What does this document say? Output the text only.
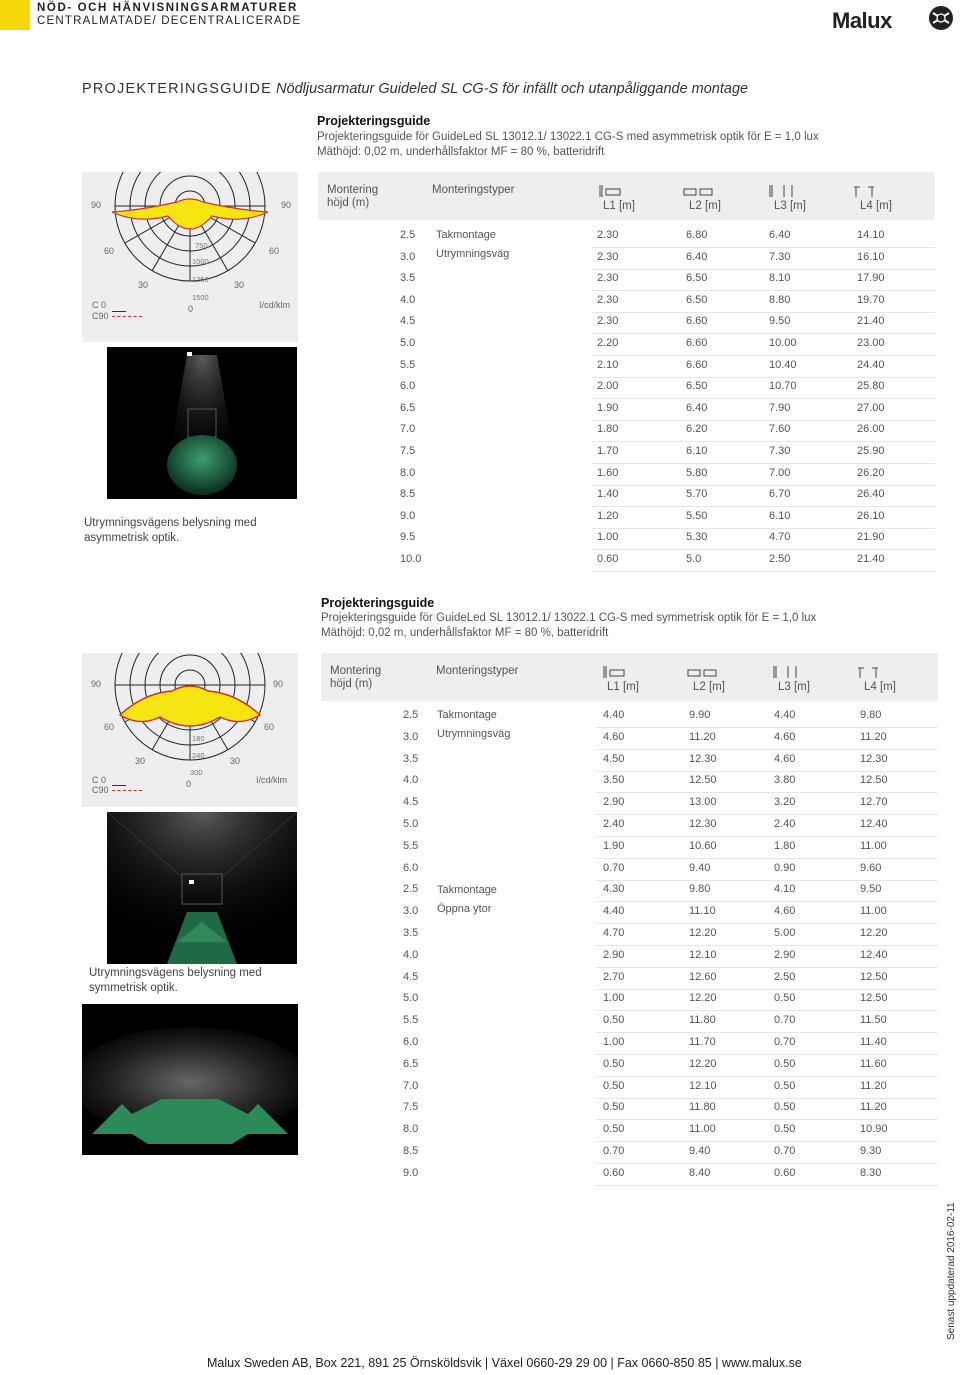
NÖD- OCH HÄNVISNINGSARMATURER
CENTRALMATADE/ DECENTRALICERADE	Malux
PROJEKTERINGSGUIDE Nödljusarmatur Guideled SL CG-S för infällt och utanpåliggande montage
Projekteringsguide
Projekteringsguide för GuideLed SL 13012.1/ 13022.1 CG-S med asymmetrisk optik för E = 1,0 lux
Mäthöjd: 0,02 m, underhållsfaktor MF = 80 %, batteridrift
90	90
60	60
30	30
750
1000
1250
1500
0
C 0
C90
I/cd/klm
Utrymningsvägens belysning med asymmetrisk optik.
Montering höjd (m)
Monteringstyper
L1 [m]	L2 [m]	L3 [m]	L4 [m]
Takmontage
Utrymningsväg
2.5	2.30	6.80	6.40	14.10
3.0	2.30	6.40	7.30	16.10
3.5	2.30	6.50	8.10	17.90
4.0	2.30	6.50	8.80	19.70
4.5	2.30	6.60	9.50	21.40
5.0	2.20	6.60	10.00	23.00
5.5	2.10	6.60	10.40	24.40
6.0	2.00	6.50	10.70	25.80
6.5	1.90	6.40	7.90	27.00
7.0	1.80	6.20	7.60	26.00
7.5	1.70	6.10	7.30	25.90
8.0	1.60	5.80	7.00	26.20
8.5	1.40	5.70	6.70	26.40
9.0	1.20	5.50	6.10	26.10
9.5	1.00	5.30	4.70	21.90
10.0	0.60	5.0	2.50	21.40
Projekteringsguide
Projekteringsguide för GuideLed SL 13012.1/ 13022.1 CG-S med symmetrisk optik för E = 1,0 lux
Mäthöjd: 0,02 m, underhållsfaktor MF = 80 %, batteridrift
90	90
60	60
30	30
180
240
300
0
C 0
C90
I/cd/klm
Utrymningsvägens belysning med symmetrisk optik.
Montering höjd (m)
Monteringstyper
L1 [m]	L2 [m]	L3 [m]	L4 [m]
Takmontage
Utrymningsväg
Takmontage
Öppna ytor
2.5	4.40	9.90	4.40	9.80
3.0	4.60	11.20	4.60	11.20
3.5	4.50	12.30	4.60	12.30
4.0	3.50	12.50	3.80	12.50
4.5	2.90	13.00	3.20	12.70
5.0	2.40	12.30	2.40	12.40
5.5	1.90	10.60	1.80	11.00
6.0	0.70	9.40	0.90	9.60
2.5	4.30	9.80	4.10	9.50
3.0	4.40	11.10	4.60	11.00
3.5	4.70	12.20	5.00	12.20
4.0	2.90	12.10	2.90	12.40
4.5	2.70	12.60	2.50	12.50
5.0	1.00	12.20	0.50	12.50
5.5	0.50	11.80	0.70	11.50
6.0	1.00	11.70	0.70	11.40
6.5	0.50	12.20	0.50	11.60
7.0	0.50	12.10	0.50	11.20
7.5	0.50	11.80	0.50	11.20
8.0	0.50	11.00	0.50	10.90
8.5	0.70	9.40	0.70	9.30
9.0	0.60	8.40	0.60	8.30
Malux Sweden AB, Box 221, 891 25 Örnsköldsvik | Växel 0660-29 29 00 | Fax 0660-850 85 | www.malux.se
Senast uppdaterad 2016-02-11
